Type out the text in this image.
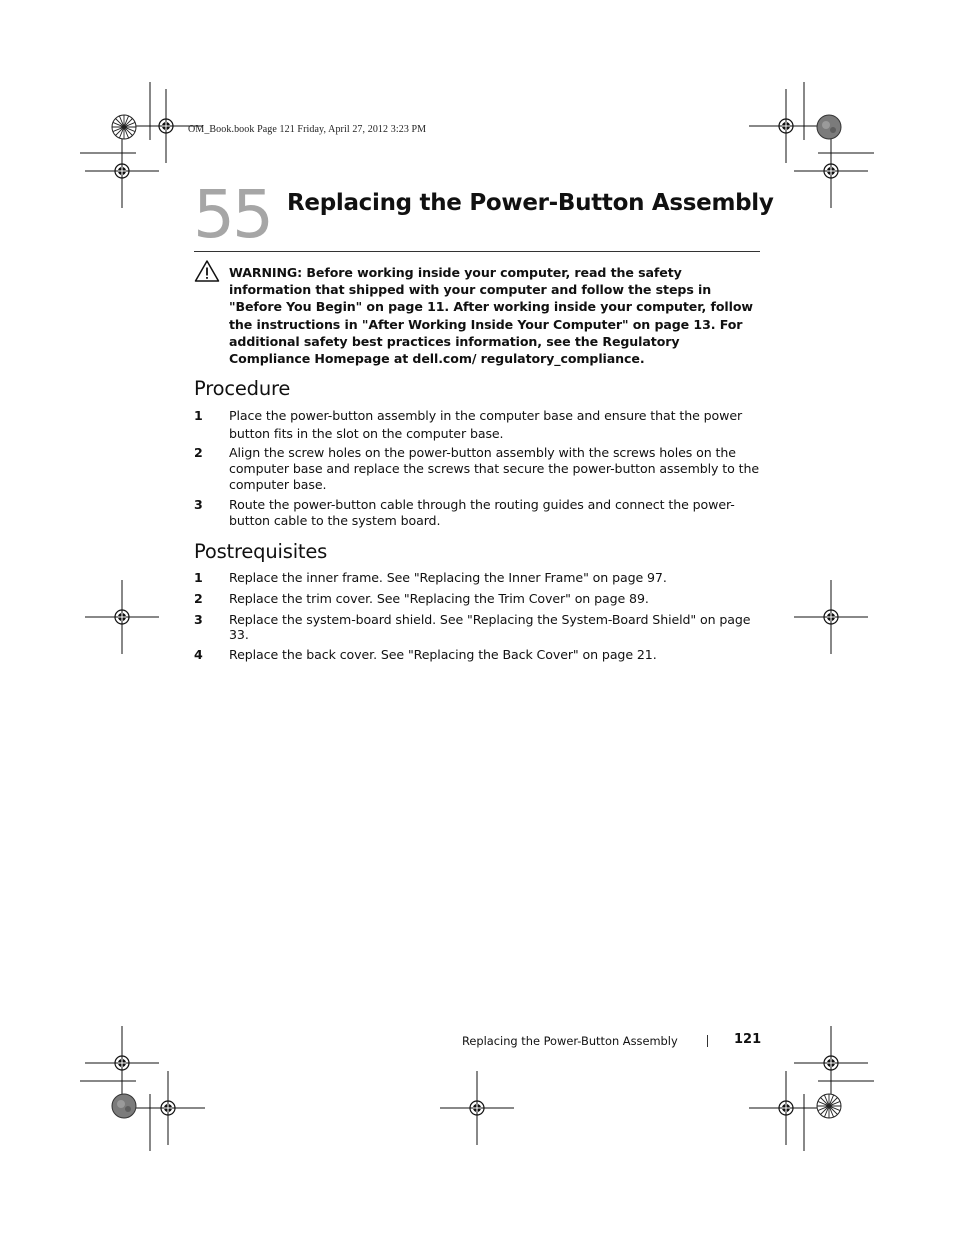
OM_Book.book Page 121 Friday, April 27, 2012 3:23 PM
55 Replacing the Power-Button Assembly
WARNING: Before working inside your computer, read the safety information that shipped with your computer and follow the steps in "Before You Begin" on page 11. After working inside your computer, follow the instructions in "After Working Inside Your Computer" on page 13. For additional safety best practices information, see the Regulatory Compliance Homepage at dell.com/ regulatory_compliance.
Procedure
1 Place the power-button assembly in the computer base and ensure that the power button fits in the slot on the computer base.
2 Align the screw holes on the power-button assembly with the screws holes on the computer base and replace the screws that secure the power-button assembly to the computer base.
3 Route the power-button cable through the routing guides and connect the power-button cable to the system board.
Postrequisites
1 Replace the inner frame. See "Replacing the Inner Frame" on page 97.
2 Replace the trim cover. See "Replacing the Trim Cover" on page 89.
3 Replace the system-board shield. See "Replacing the System-Board Shield" on page 33.
4 Replace the back cover. See "Replacing the Back Cover" on page 21.
Replacing the Power-Button Assembly	121
